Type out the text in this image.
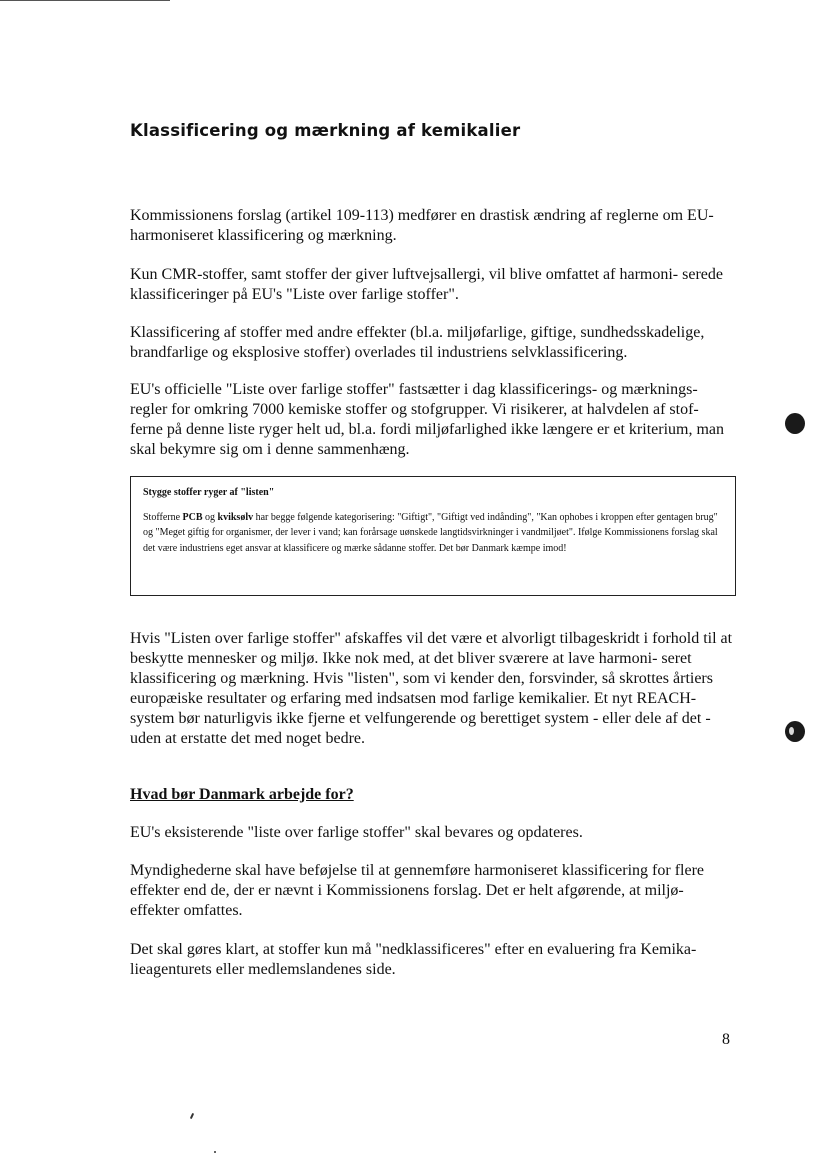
Klassificering og mærkning af kemikalier

Kommissionens forslag (artikel 109-113) medfører en drastisk ændring af reglerne om EU-harmoniseret klassificering og mærkning.

Kun CMR-stoffer, samt stoffer der giver luftvejsallergi, vil blive omfattet af harmoni- serede klassificeringer på EU's "Liste over farlige stoffer".

Klassificering af stoffer med andre effekter (bl.a. miljøfarlige, giftige, sundhedsskadelige, brandfarlige og eksplosive stoffer) overlades til industriens selvklassificering.

EU's officielle "Liste over farlige stoffer" fastsætter i dag klassificerings- og mærknings- regler for omkring 7000 kemiske stoffer og stofgrupper. Vi risikerer, at halvdelen af stof- ferne på denne liste ryger helt ud, bl.a. fordi miljøfarlighed ikke længere er et kriterium, man skal bekymre sig om i denne sammenhæng.

Stygge stoffer ryger af "listen"

Stofferne PCB og kviksølv har begge følgende kategorisering: "Giftigt", "Giftigt ved indånding", "Kan ophobes i kroppen efter gentagen brug" og "Meget giftig for organismer, der lever i vand; kan forårsage uønskede langtidsvirkninger i vandmiljøet". Ifølge Kommissionens forslag skal det være industriens eget ansvar at klassificere og mærke sådanne stoffer. Det bør Danmark kæmpe imod!

Hvis "Listen over farlige stoffer" afskaffes vil det være et alvorligt tilbageskridt i forhold til at beskytte mennesker og miljø. Ikke nok med, at det bliver sværere at lave harmoni- seret klassificering og mærkning. Hvis "listen", som vi kender den, forsvinder, så skrottes årtiers europæiske resultater og erfaring med indsatsen mod farlige kemikalier. Et nyt REACH-system bør naturligvis ikke fjerne et velfungerende og berettiget system - eller dele af det - uden at erstatte det med noget bedre.

Hvad bør Danmark arbejde for?

EU's eksisterende "liste over farlige stoffer" skal bevares og opdateres.

Myndighederne skal have beføjelse til at gennemføre harmoniseret klassificering for flere effekter end de, der er nævnt i Kommissionens forslag. Det er helt afgørende, at miljø- effekter omfattes.

Det skal gøres klart, at stoffer kun må "nedklassificeres" efter en evaluering fra Kemika- lieagenturets eller medlemslandenes side.

8
